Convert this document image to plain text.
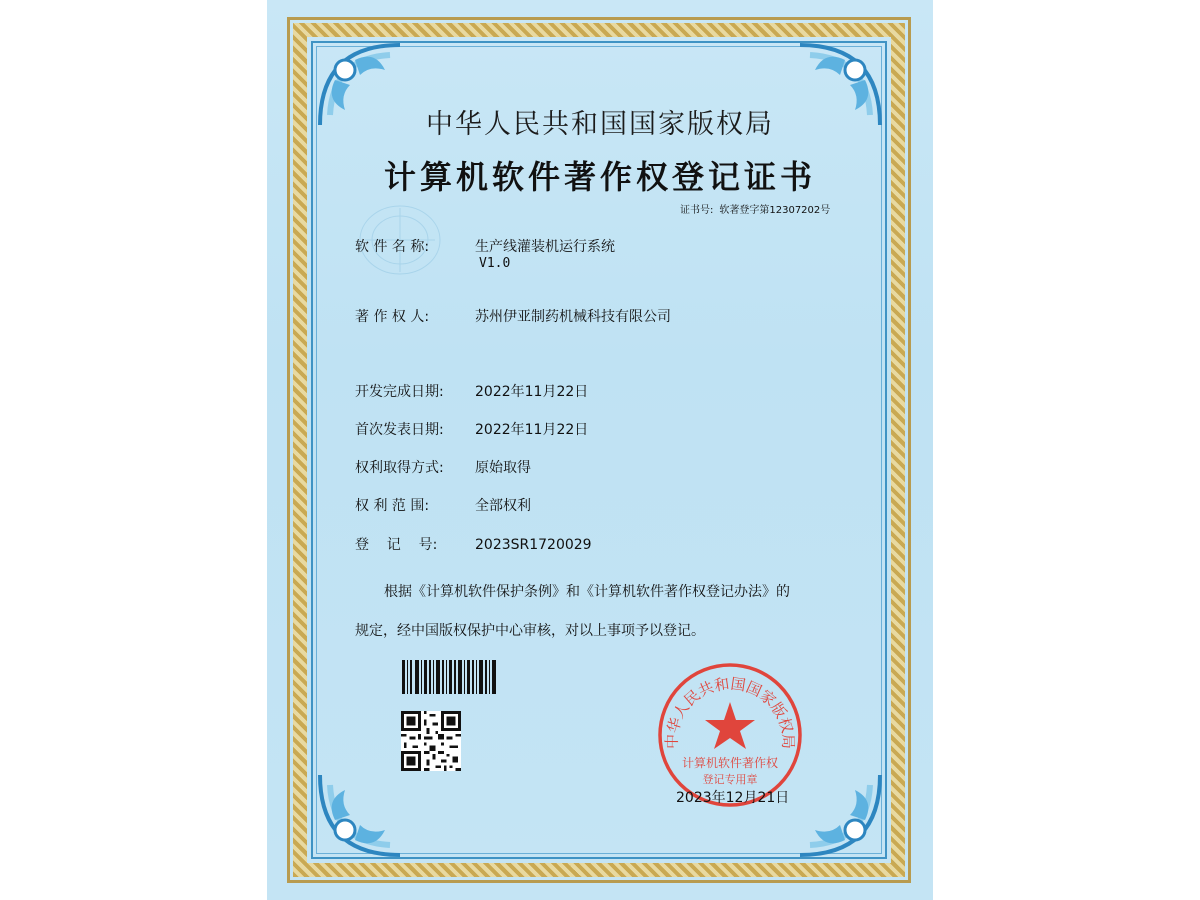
中华人民共和国国家版权局
计算机软件著作权登记证书
证书号: 软著登字第12307202号
软 件 名 称:	生产线灌装机运行系统
V1.0
著 作 权 人:	苏州伊亚制药机械科技有限公司
开发完成日期: 2022年11月22日
首次发表日期: 2022年11月22日
权利取得方式: 原始取得
权 利 范 围:	全部权利
登    记    号:	2023SR1720029
根据《计算机软件保护条例》和《计算机软件著作权登记办法》的
规定，经中国版权保护中心审核，对以上事项予以登记。
中华人民共和国国家版权局
计算机软件著作权
登记专用章
2023年12月21日
